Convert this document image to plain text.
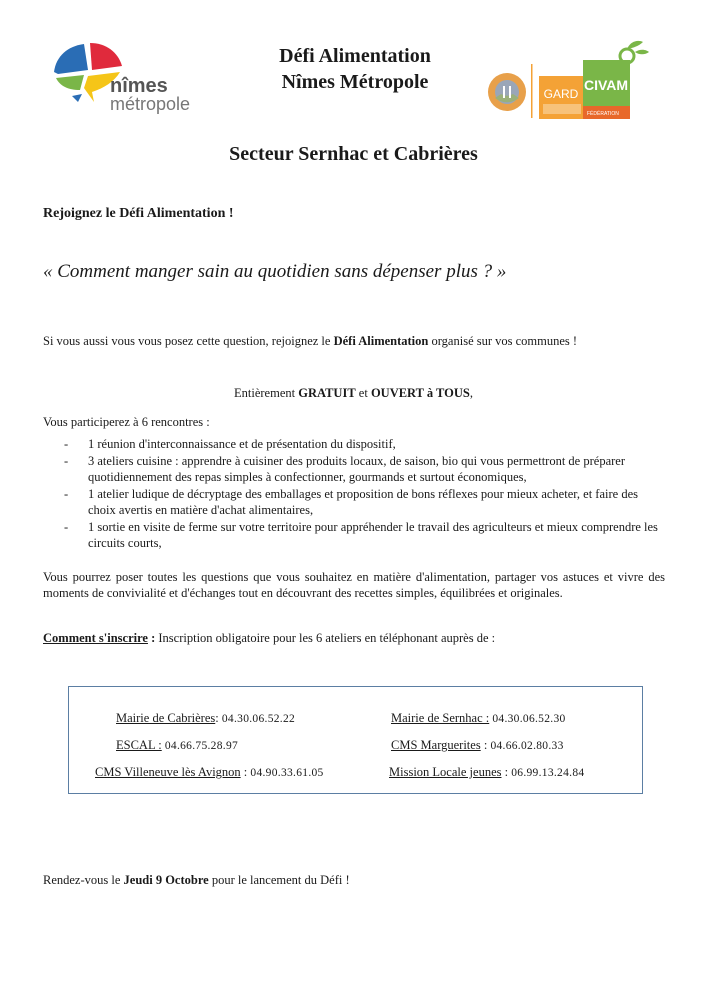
nîmes
métropole
Défi Alimentation
Nîmes Métropole
GARD
CIVAM
FÉDÉRATION
Secteur Sernhac et Cabrières
Rejoignez le Défi Alimentation !
« Comment manger sain au quotidien sans dépenser plus ? »
Si vous aussi vous vous posez cette question, rejoignez le Défi Alimentation organisé sur vos communes !
Entièrement GRATUIT et OUVERT à TOUS,
Vous participerez à 6 rencontres :
- 1 réunion d'interconnaissance et de présentation du dispositif,
- 3 ateliers cuisine : apprendre à cuisiner des produits locaux, de saison, bio qui vous permettront de préparer quotidiennement des repas simples à confectionner, gourmands et surtout économiques,
- 1 atelier ludique de décryptage des emballages et proposition de bons réflexes pour mieux acheter, et faire des choix avertis en matière d'achat alimentaires,
- 1 sortie en visite de ferme sur votre territoire pour appréhender le travail des agriculteurs et mieux comprendre les circuits courts,
Vous pourrez poser toutes les questions que vous souhaitez en matière d'alimentation, partager vos astuces et vivre des moments de convivialité et d'échanges tout en découvrant des recettes simples, équilibrées et originales.
Comment s'inscrire : Inscription obligatoire pour les 6 ateliers en téléphonant auprès de :
Mairie de Cabrières: 04.30.06.52.22	Mairie de Sernhac : 04.30.06.52.30
ESCAL : 04.66.75.28.97	CMS Marguerites : 04.66.02.80.33
CMS Villeneuve lès Avignon : 04.90.33.61.05	Mission Locale jeunes : 06.99.13.24.84
Rendez-vous le Jeudi 9 Octobre pour le lancement du Défi !
